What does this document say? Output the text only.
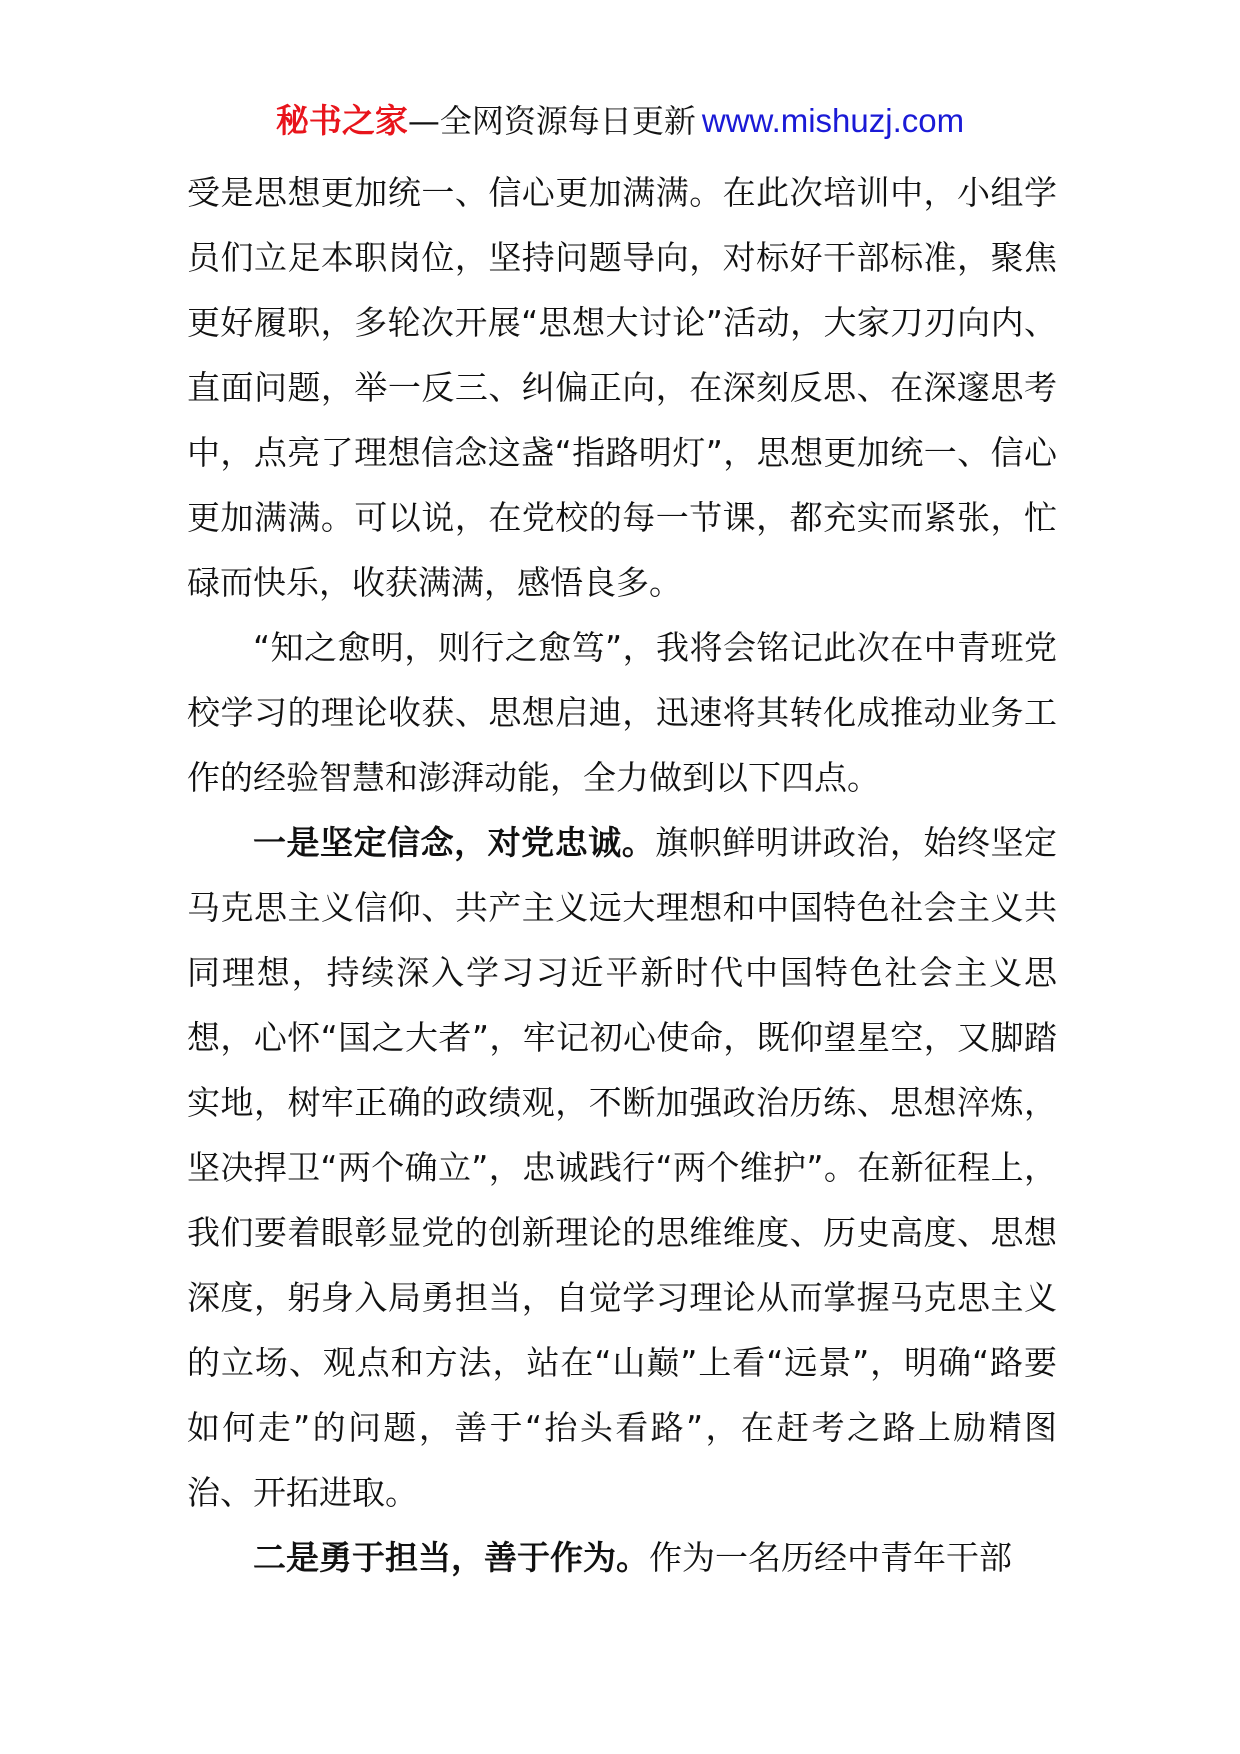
秘书之家—全网资源每日更新 www.mishuzj.com

受是思想更加统一、信心更加满满。在此次培训中，小组学员们立足本职岗位，坚持问题导向，对标好干部标准，聚焦更好履职，多轮次开展“思想大讨论”活动，大家刀刃向内、直面问题，举一反三、纠偏正向，在深刻反思、在深邃思考中，点亮了理想信念这盏“指路明灯”，思想更加统一、信心更加满满。可以说，在党校的每一节课，都充实而紧张，忙碌而快乐，收获满满，感悟良多。

“知之愈明，则行之愈笃”，我将会铭记此次在中青班党校学习的理论收获、思想启迪，迅速将其转化成推动业务工作的经验智慧和澎湃动能，全力做到以下四点。

一是坚定信念，对党忠诚。旗帜鲜明讲政治，始终坚定马克思主义信仰、共产主义远大理想和中国特色社会主义共同理想，持续深入学习习近平新时代中国特色社会主义思想，心怀“国之大者”，牢记初心使命，既仰望星空，又脚踏实地，树牢正确的政绩观，不断加强政治历练、思想淬炼，坚决捍卫“两个确立”，忠诚践行“两个维护”。在新征程上，我们要着眼彰显党的创新理论的思维维度、历史高度、思想深度，躬身入局勇担当，自觉学习理论从而掌握马克思主义的立场、观点和方法，站在“山巅”上看“远景”，明确“路要如何走”的问题，善于“抬头看路”，在赶考之路上励精图治、开拓进取。

二是勇于担当，善于作为。作为一名历经中青年干部
